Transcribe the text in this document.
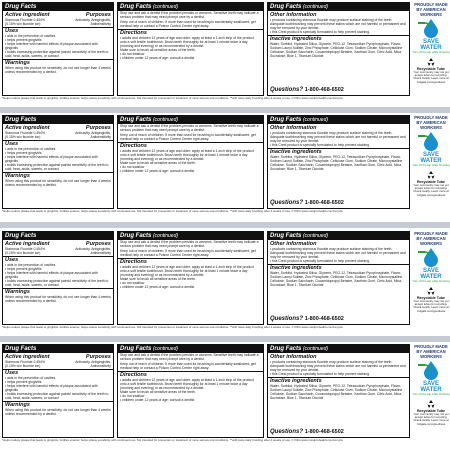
Drug Facts
Active ingredient	Purposes
Stannous Fluoride 0.454%	Anticavity, Antigingivitis,
(0.15% w/v fluoride ion)	Antisensitivity
Uses
• aids in the prevention of cavities
• helps prevent gingivitis
• helps interfere with harmful effects of plaque associated with gingivitis
• builds increasing protection against painful sensitivity of the teeth to cold, heat, acids, sweets, or contact
Warnings
When using this product for sensitivity, do not use longer than 4 weeks unless recommended by a dentist.
Drug Facts (continued)
Stop use and ask a dentist if the problem persists or worsens. Sensitive teeth may indicate a serious problem that may need prompt care by a dentist.
Keep out of reach of children. If more than used for brushing is accidentally swallowed, get medical help or contact a Poison Control Center right away.
Directions
• adults and children 12 years of age and older: apply at least a 1-inch strip of the product onto a soft bristle toothbrush. Brush teeth thoroughly for at least 1 minute twice a day (morning and evening) or as recommended by a dentist.
Make sure to brush all sensitive areas of the teeth.
• do not swallow
• children under 12 years of age: consult a dentist
Drug Facts (continued)
Other information
• products containing stannous fluoride may produce surface staining of the teeth. Adequate toothbrushing may prevent these stains which are not harmful or permanent and may be removed by your dentist.
• this Crest product is specially formulated to help prevent staining.
Inactive ingredients
Water, Sorbitol, Hydrated Silica, Glycerin, PEG-12, Tetrasodium Pyrophosphate, Flavor, Sodium Lauryl Sulfate, Zinc Phosphate, Cellulose Gum, Sodium Citrate, Microcrystalline Cellulose, Sodium Saccharin, Cocamidopropyl Betaine, Xanthan Gum, Citric Acid, Mica, Sucralose, Blue 1, Titanium Dioxide
Questions? 1-800-468-6502
*Helps reduce plaque that leads to gingivitis, fortifies enamel, helps relieve sensitivity with continued use. Not intended for prevention or treatment of more serious oral conditions. **with twice daily brushing after 4 weeks of use. © P&G www.crestprohealth.com/recycle
PROUDLY MADE BY AMERICAN WORKERS
SAVE WATER
Turn off the tap while brushing
Recyclable Tube
Your community may not yet accept tubes for recycling. Check locally. Learn more at Colgate.com/goodness
Drug Facts
Active ingredient	Purposes
Stannous Fluoride 0.454%	Anticavity, Antigingivitis,
(0.15% w/v fluoride ion)	Antisensitivity
Uses
• aids in the prevention of cavities
• helps prevent gingivitis
• helps interfere with harmful effects of plaque associated with gingivitis
• builds increasing protection against painful sensitivity of the teeth to cold, heat, acids, sweets, or contact
Warnings
When using this product for sensitivity, do not use longer than 4 weeks unless recommended by a dentist.
Drug Facts (continued)
Stop use and ask a dentist if the problem persists or worsens. Sensitive teeth may indicate a serious problem that may need prompt care by a dentist.
Keep out of reach of children. If more than used for brushing is accidentally swallowed, get medical help or contact a Poison Control Center right away.
Directions
• adults and children 12 years of age and older: apply at least a 1-inch strip of the product onto a soft bristle toothbrush. Brush teeth thoroughly for at least 1 minute twice a day (morning and evening) or as recommended by a dentist.
Make sure to brush all sensitive areas of the teeth.
• do not swallow
• children under 12 years of age: consult a dentist
Drug Facts (continued)
Other information
• products containing stannous fluoride may produce surface staining of the teeth. Adequate toothbrushing may prevent these stains which are not harmful or permanent and may be removed by your dentist.
• this Crest product is specially formulated to help prevent staining.
Inactive ingredients
Water, Sorbitol, Hydrated Silica, Glycerin, PEG-12, Tetrasodium Pyrophosphate, Flavor, Sodium Lauryl Sulfate, Zinc Phosphate, Cellulose Gum, Sodium Citrate, Microcrystalline Cellulose, Sodium Saccharin, Cocamidopropyl Betaine, Xanthan Gum, Citric Acid, Mica, Sucralose, Blue 1, Titanium Dioxide
Questions? 1-800-468-6502
*Helps reduce plaque that leads to gingivitis, fortifies enamel, helps relieve sensitivity with continued use. Not intended for prevention or treatment of more serious oral conditions. **with twice daily brushing after 4 weeks of use. © P&G www.crestprohealth.com/recycle
PROUDLY MADE BY AMERICAN WORKERS
SAVE WATER
Turn off the tap while brushing
Recyclable Tube
Your community may not yet accept tubes for recycling. Check locally. Learn more at Colgate.com/goodness
Drug Facts
Active ingredient	Purposes
Stannous Fluoride 0.454%	Anticavity, Antigingivitis,
(0.15% w/v fluoride ion)	Antisensitivity
Uses
• aids in the prevention of cavities
• helps prevent gingivitis
• helps interfere with harmful effects of plaque associated with gingivitis
• builds increasing protection against painful sensitivity of the teeth to cold, heat, acids, sweets, or contact
Warnings
When using this product for sensitivity, do not use longer than 4 weeks unless recommended by a dentist.
Drug Facts (continued)
Stop use and ask a dentist if the problem persists or worsens. Sensitive teeth may indicate a serious problem that may need prompt care by a dentist.
Keep out of reach of children. If more than used for brushing is accidentally swallowed, get medical help or contact a Poison Control Center right away.
Directions
• adults and children 12 years of age and older: apply at least a 1-inch strip of the product onto a soft bristle toothbrush. Brush teeth thoroughly for at least 1 minute twice a day (morning and evening) or as recommended by a dentist.
Make sure to brush all sensitive areas of the teeth.
• do not swallow
• children under 12 years of age: consult a dentist
Drug Facts (continued)
Other information
• products containing stannous fluoride may produce surface staining of the teeth. Adequate toothbrushing may prevent these stains which are not harmful or permanent and may be removed by your dentist.
• this Crest product is specially formulated to help prevent staining.
Inactive ingredients
Water, Sorbitol, Hydrated Silica, Glycerin, PEG-12, Tetrasodium Pyrophosphate, Flavor, Sodium Lauryl Sulfate, Zinc Phosphate, Cellulose Gum, Sodium Citrate, Microcrystalline Cellulose, Sodium Saccharin, Cocamidopropyl Betaine, Xanthan Gum, Citric Acid, Mica, Sucralose, Blue 1, Titanium Dioxide
Questions? 1-800-468-6502
*Helps reduce plaque that leads to gingivitis, fortifies enamel, helps relieve sensitivity with continued use. Not intended for prevention or treatment of more serious oral conditions. **with twice daily brushing after 4 weeks of use. © P&G www.crestprohealth.com/recycle
PROUDLY MADE BY AMERICAN WORKERS
SAVE WATER
Turn off the tap while brushing
Recyclable Tube
Your community may not yet accept tubes for recycling. Check locally. Learn more at Colgate.com/goodness
Drug Facts
Active ingredient	Purposes
Stannous Fluoride 0.454%	Anticavity, Antigingivitis,
(0.15% w/v fluoride ion)	Antisensitivity
Uses
• aids in the prevention of cavities
• helps prevent gingivitis
• helps interfere with harmful effects of plaque associated with gingivitis
• builds increasing protection against painful sensitivity of the teeth to cold, heat, acids, sweets, or contact
Warnings
When using this product for sensitivity, do not use longer than 4 weeks unless recommended by a dentist.
Drug Facts (continued)
Stop use and ask a dentist if the problem persists or worsens. Sensitive teeth may indicate a serious problem that may need prompt care by a dentist.
Keep out of reach of children. If more than used for brushing is accidentally swallowed, get medical help or contact a Poison Control Center right away.
Directions
• adults and children 12 years of age and older: apply at least a 1-inch strip of the product onto a soft bristle toothbrush. Brush teeth thoroughly for at least 1 minute twice a day (morning and evening) or as recommended by a dentist.
Make sure to brush all sensitive areas of the teeth.
• do not swallow
• children under 12 years of age: consult a dentist
Drug Facts (continued)
Other information
• products containing stannous fluoride may produce surface staining of the teeth. Adequate toothbrushing may prevent these stains which are not harmful or permanent and may be removed by your dentist.
• this Crest product is specially formulated to help prevent staining.
Inactive ingredients
Water, Sorbitol, Hydrated Silica, Glycerin, PEG-12, Tetrasodium Pyrophosphate, Flavor, Sodium Lauryl Sulfate, Zinc Phosphate, Cellulose Gum, Sodium Citrate, Microcrystalline Cellulose, Sodium Saccharin, Cocamidopropyl Betaine, Xanthan Gum, Citric Acid, Mica, Sucralose, Blue 1, Titanium Dioxide
Questions? 1-800-468-6502
*Helps reduce plaque that leads to gingivitis, fortifies enamel, helps relieve sensitivity with continued use. Not intended for prevention or treatment of more serious oral conditions. **with twice daily brushing after 4 weeks of use. © P&G www.crestprohealth.com/recycle
PROUDLY MADE BY AMERICAN WORKERS
SAVE WATER
Turn off the tap while brushing
Recyclable Tube
Your community may not yet accept tubes for recycling. Check locally. Learn more at Colgate.com/goodness
